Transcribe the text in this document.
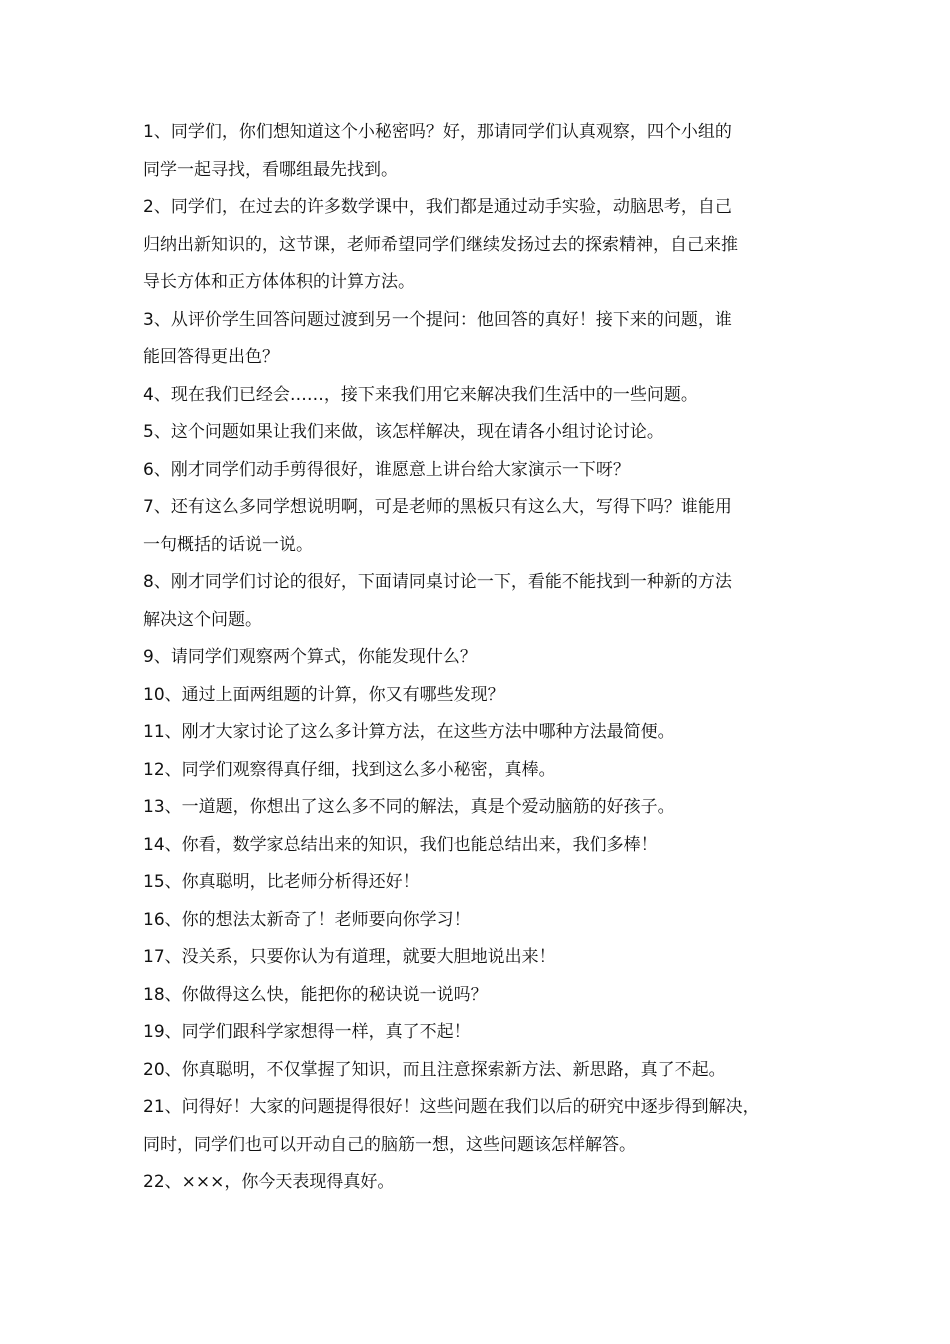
1、同学们，你们想知道这个小秘密吗？好，那请同学们认真观察，四个小组的
同学一起寻找，看哪组最先找到。
2、同学们，在过去的许多数学课中，我们都是通过动手实验，动脑思考，自己
归纳出新知识的，这节课，老师希望同学们继续发扬过去的探索精神，自己来推
导长方体和正方体体积的计算方法。
3、从评价学生回答问题过渡到另一个提问：他回答的真好！接下来的问题，谁
能回答得更出色？
4、现在我们已经会……，接下来我们用它来解决我们生活中的一些问题。
5、这个问题如果让我们来做，该怎样解决，现在请各小组讨论讨论。
6、刚才同学们动手剪得很好，谁愿意上讲台给大家演示一下呀？
7、还有这么多同学想说明啊，可是老师的黑板只有这么大，写得下吗？谁能用
一句概括的话说一说。
8、刚才同学们讨论的很好，下面请同桌讨论一下，看能不能找到一种新的方法
解决这个问题。
9、请同学们观察两个算式，你能发现什么？
10、通过上面两组题的计算，你又有哪些发现？
11、刚才大家讨论了这么多计算方法，在这些方法中哪种方法最简便。
12、同学们观察得真仔细，找到这么多小秘密，真棒。
13、一道题，你想出了这么多不同的解法，真是个爱动脑筋的好孩子。
14、你看，数学家总结出来的知识，我们也能总结出来，我们多棒！
15、你真聪明，比老师分析得还好！
16、你的想法太新奇了！老师要向你学习！
17、没关系，只要你认为有道理，就要大胆地说出来！
18、你做得这么快，能把你的秘诀说一说吗？
19、同学们跟科学家想得一样，真了不起！
20、你真聪明，不仅掌握了知识，而且注意探索新方法、新思路，真了不起。
21、问得好！大家的问题提得很好！这些问题在我们以后的研究中逐步得到解决，
同时，同学们也可以开动自己的脑筋一想，这些问题该怎样解答。
22、×××，你今天表现得真好。
